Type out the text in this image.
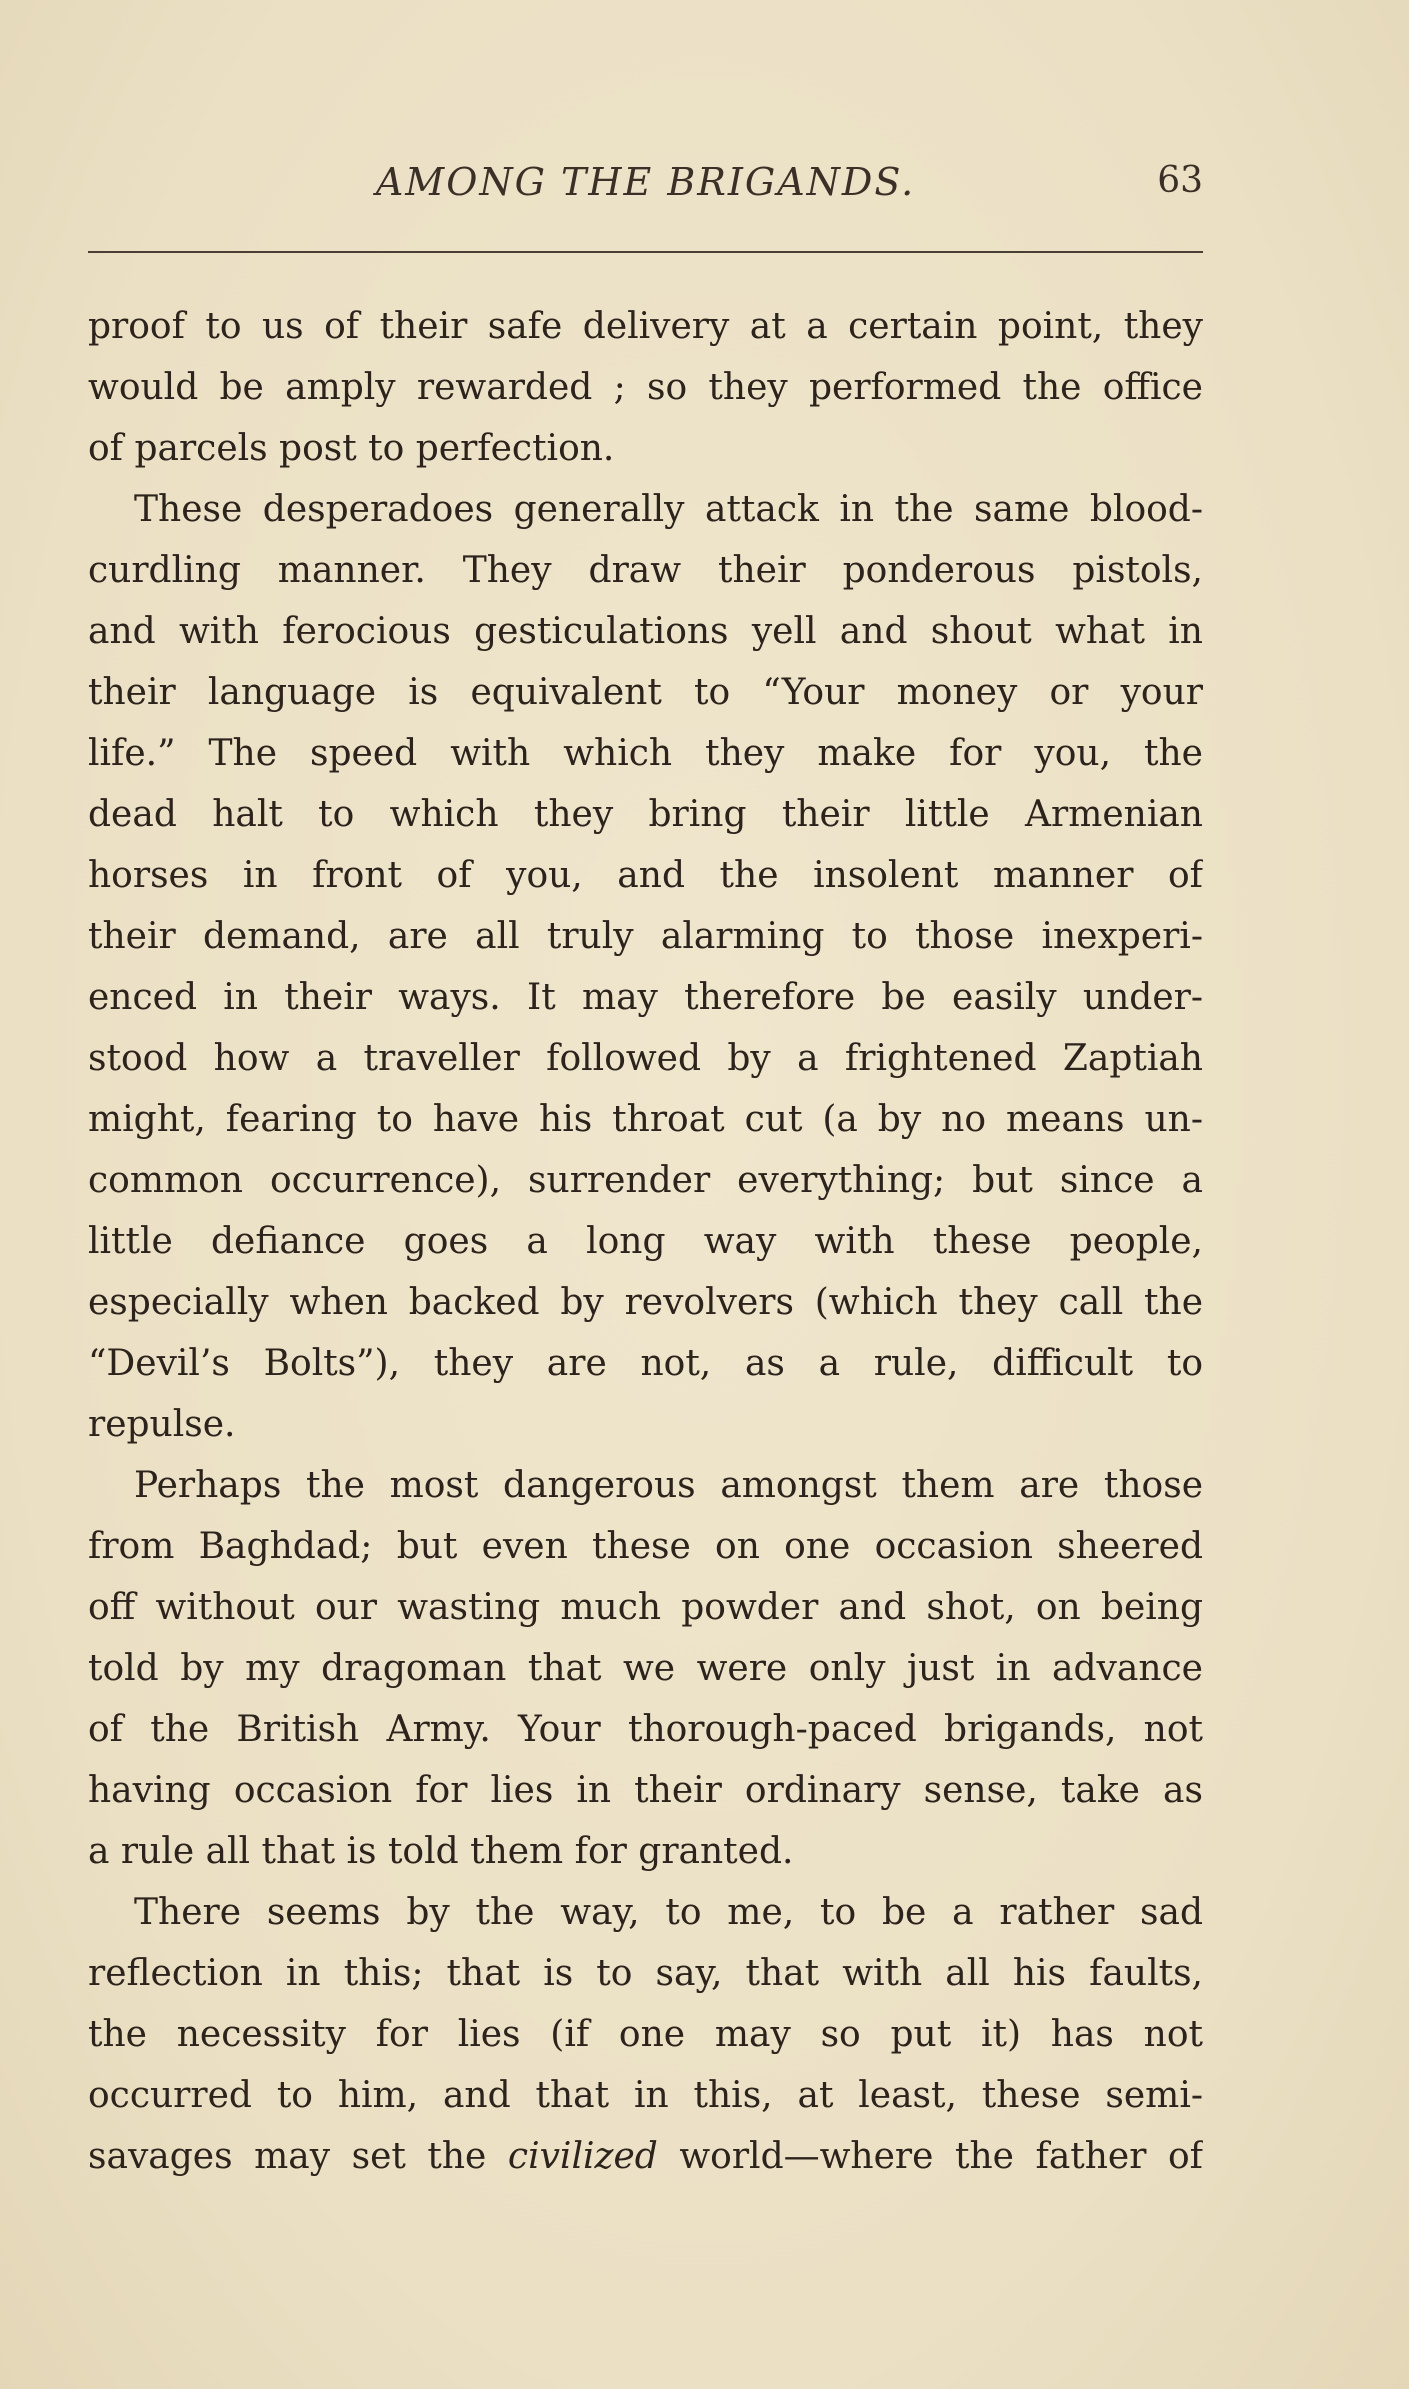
AMONG THE BRIGANDS.	63
proof to us of their safe delivery at a certain point, they
would be amply rewarded ; so they performed the office
of parcels post to perfection.
These desperadoes generally attack in the same blood-
curdling manner. They draw their ponderous pistols,
and with ferocious gesticulations yell and shout what in
their language is equivalent to “Your money or your
life.” The speed with which they make for you, the
dead halt to which they bring their little Armenian
horses in front of you, and the insolent manner of
their demand, are all truly alarming to those inexperi-
enced in their ways. It may therefore be easily under-
stood how a traveller followed by a frightened Zaptiah
might, fearing to have his throat cut (a by no means un-
common occurrence), surrender everything; but since a
little defiance goes a long way with these people,
especially when backed by revolvers (which they call the
“Devil’s Bolts”), they are not, as a rule, difficult to
repulse.
Perhaps the most dangerous amongst them are those
from Baghdad; but even these on one occasion sheered
off without our wasting much powder and shot, on being
told by my dragoman that we were only just in advance
of the British Army. Your thorough-paced brigands, not
having occasion for lies in their ordinary sense, take as
a rule all that is told them for granted.
There seems by the way, to me, to be a rather sad
reflection in this; that is to say, that with all his faults,
the necessity for lies (if one may so put it) has not
occurred to him, and that in this, at least, these semi-
savages may set the civilized world—where the father of
